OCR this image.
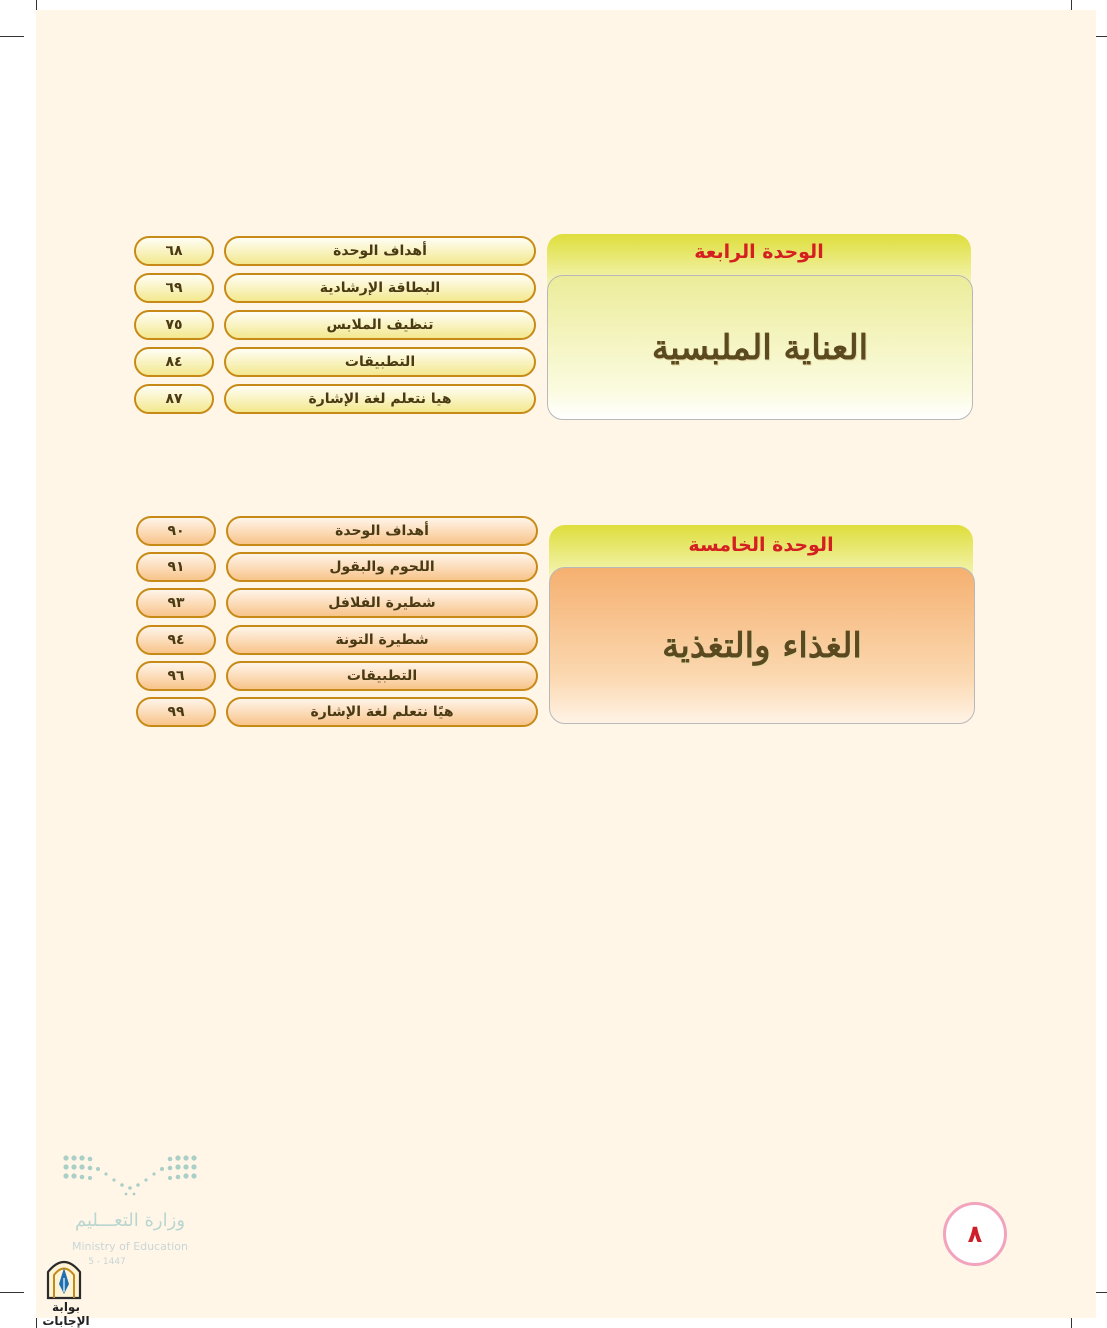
الوحدة الرابعة
العناية الملبسية
أهداف الوحدة
٦٨
البطاقة الإرشادية
٦٩
تنظيف الملابس
٧٥
التطبيقات
٨٤
هيا نتعلم لغة الإشارة
٨٧
الوحدة الخامسة
الغذاء والتغذية
أهداف الوحدة
٩٠
اللحوم والبقول
٩١
شطيرة الفلافل
٩٣
شطيرة التونة
٩٤
التطبيقات
٩٦
هيًا نتعلم لغة الإشارة
٩٩
وزارة التعـــليم
Ministry of Education
5 - 1447
بوابة الإجابات
٨
